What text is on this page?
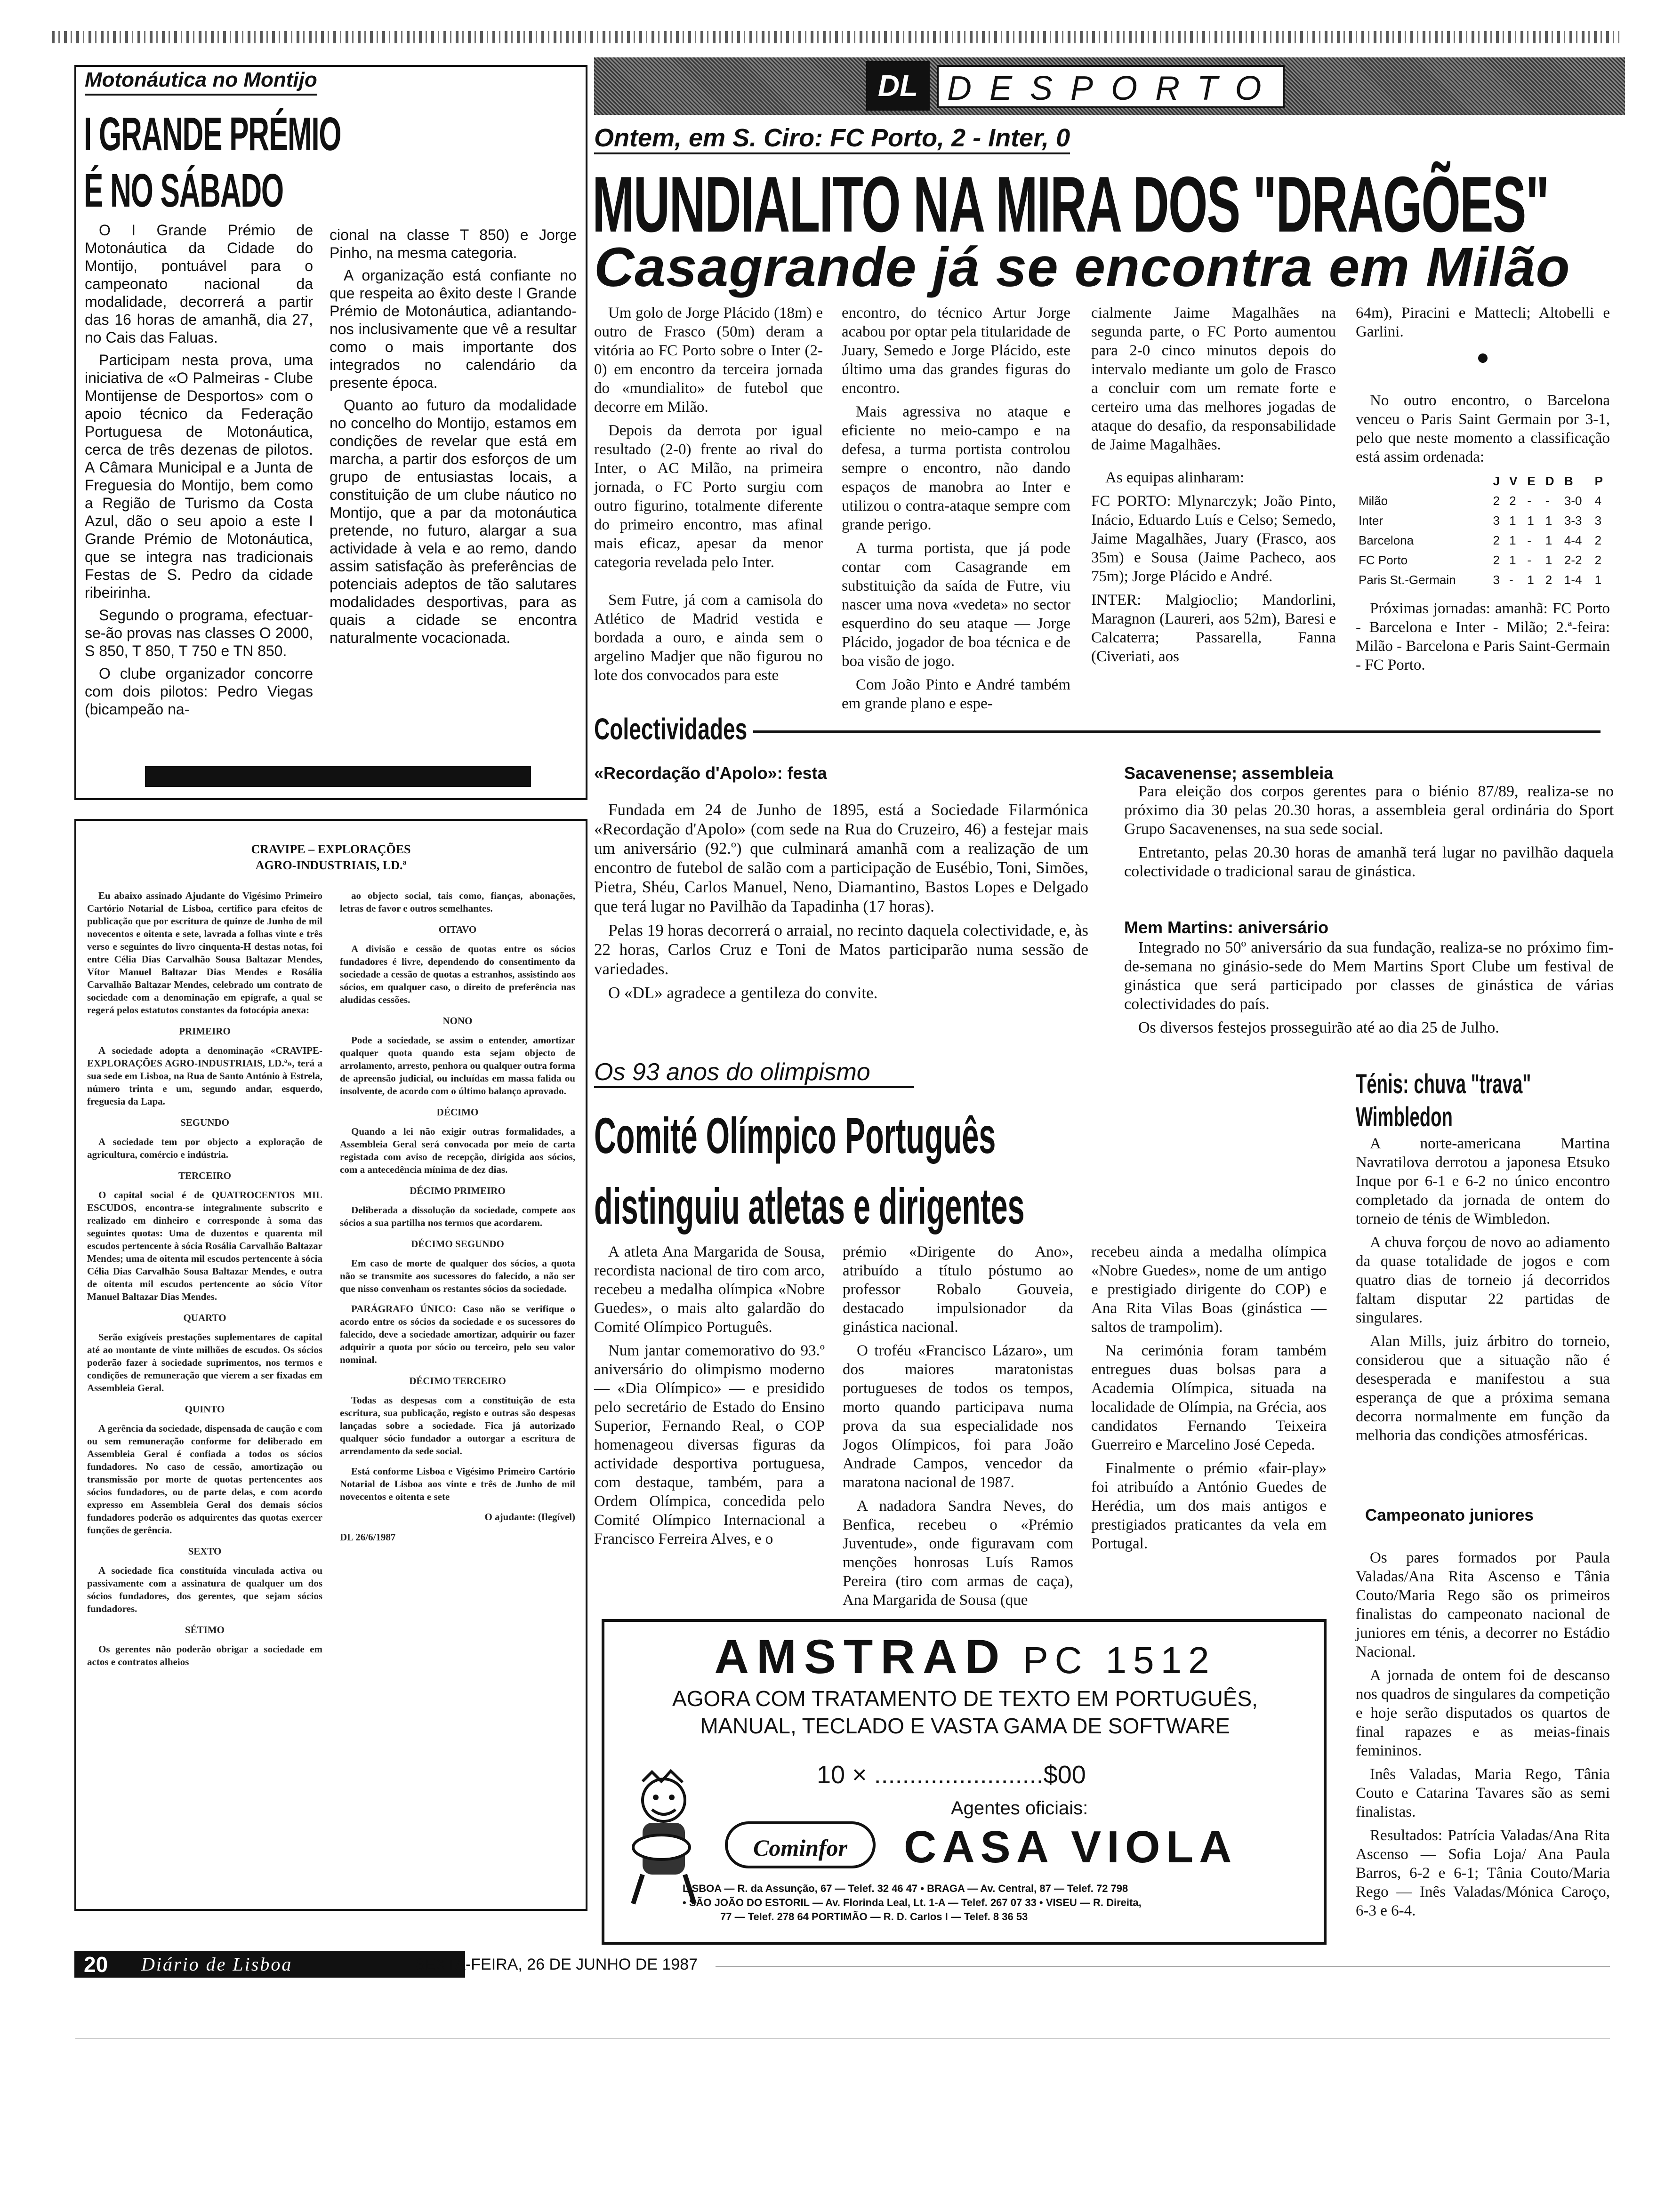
DL DESPORTO
Motonáutica no Montijo
I GRANDE PRÉMIO
É NO SÁBADO

O I Grande Prémio de Motonáutica da Cidade do Montijo, pontuável para o campeonato nacional da modalidade, decorrerá a partir das 16 horas de amanhã, dia 27, no Cais das Faluas.

Participam nesta prova, uma iniciativa de «O Palmeiras - Clube Montijense de Desportos» com o apoio técnico da Federação Portuguesa de Motonáutica, cerca de três dezenas de pilotos. A Câmara Municipal e a Junta de Freguesia do Montijo, bem como a Região de Turismo da Costa Azul, dão o seu apoio a este I Grande Prémio de Motonáutica, que se integra nas tradicionais Festas de S. Pedro da cidade ribeirinha.

Segundo o programa, efectuar-se-ão provas nas classes O 2000, S 850, T 850, T 750 e TN 850.

O clube organizador concorre com dois pilotos: Pedro Viegas (bicampeão na-

cional na classe T 850) e Jorge Pinho, na mesma categoria.

A organização está confiante no que respeita ao êxito deste I Grande Prémio de Motonáutica, adiantando-nos inclusivamente que vê a resultar como o mais importante dos integrados no calendário da presente época.

Quanto ao futuro da modalidade no concelho do Montijo, estamos em condições de revelar que está em marcha, a partir dos esforços de um grupo de entusiastas locais, a constituição de um clube náutico no Montijo, que a par da motonáutica pretende, no futuro, alargar a sua actividade à vela e ao remo, dando assim satisfação às preferências de potenciais adeptos de tão salutares modalidades desportivas, para as quais a cidade se encontra naturalmente vocacionada.

Ontem, em S. Ciro: FC Porto, 2 - Inter, 0
MUNDIALITO NA MIRA DOS "DRAGÕES"
Casagrande já se encontra em Milão

Um golo de Jorge Plácido (18m) e outro de Frasco (50m) deram a vitória ao FC Porto sobre o Inter (2-0) em encontro da terceira jornada do «mundialito» de futebol que decorre em Milão.

Depois da derrota por igual resultado (2-0) frente ao rival do Inter, o AC Milão, na primeira jornada, o FC Porto surgiu com outro figurino, totalmente diferente do primeiro encontro, mas afinal mais eficaz, apesar da menor categoria revelada pelo Inter.

Sem Futre, já com a camisola do Atlético de Madrid vestida e bordada a ouro, e ainda sem o argelino Madjer que não figurou no lote dos convocados para este

encontro, do técnico Artur Jorge acabou por optar pela titularidade de Juary, Semedo e Jorge Plácido, este último uma das grandes figuras do encontro.

Mais agressiva no ataque e eficiente no meio-campo e na defesa, a turma portista controlou sempre o encontro, não dando espaços de manobra ao Inter e utilizou o contra-ataque sempre com grande perigo.

A turma portista, que já pode contar com Casagrande em substituição da saída de Futre, viu nascer uma nova «vedeta» no sector esquerdino do seu ataque — Jorge Plácido, jogador de boa técnica e de boa visão de jogo.

Com João Pinto e André também em grande plano e espe-

cialmente Jaime Magalhães na segunda parte, o FC Porto aumentou para 2-0 cinco minutos depois do intervalo mediante um golo de Frasco a concluir com um remate forte e certeiro uma das melhores jogadas de ataque do desafio, da responsabilidade de Jaime Magalhães.

As equipas alinharam:

FC PORTO: Mlynarczyk; João Pinto, Inácio, Eduardo Luís e Celso; Semedo, Jaime Magalhães, Juary (Frasco, aos 35m) e Sousa (Jaime Pacheco, aos 75m); Jorge Plácido e André.

INTER: Malgioclio; Mandorlini, Maragnon (Laureri, aos 52m), Baresi e Calcaterra; Passarella, Fanna (Civeriati, aos

64m), Piracini e Mattecli; Altobelli e Garlini.

No outro encontro, o Barcelona venceu o Paris Saint Germain por 3-1, pelo que neste momento a classificação está assim ordenada:

	J	V	E	D	B	P
Milão	2	2	-	-	3-0	4
Inter	3	1	1	1	3-3	3
Barcelona	2	1	-	1	4-4	2
FC Porto	2	1	-	1	2-2	2
Paris St.-Germain	3	-	1	2	1-4	1

Próximas jornadas: amanhã: FC Porto - Barcelona e Inter - Milão; 2.ª-feira: Milão - Barcelona e Paris Saint-Germain - FC Porto.

Colectividades
«Recordação d'Apolo»: festa

Fundada em 24 de Junho de 1895, está a Sociedade Filarmónica «Recordação d'Apolo» (com sede na Rua do Cruzeiro, 46) a festejar mais um aniversário (92.º) que culminará amanhã com a realização de um encontro de futebol de salão com a participação de Eusébio, Toni, Simões, Pietra, Shéu, Carlos Manuel, Neno, Diamantino, Bastos Lopes e Delgado que terá lugar no Pavilhão da Tapadinha (17 horas).

Pelas 19 horas decorrerá o arraial, no recinto daquela colectividade, e, às 22 horas, Carlos Cruz e Toni de Matos participarão numa sessão de variedades.

O «DL» agradece a gentileza do convite.

Sacavenense; assembleia

Para eleição dos corpos gerentes para o biénio 87/89, realiza-se no próximo dia 30 pelas 20.30 horas, a assembleia geral ordinária do Sport Grupo Sacavenenses, na sua sede social.

Entretanto, pelas 20.30 horas de amanhã terá lugar no pavilhão daquela colectividade o tradicional sarau de ginástica.

Mem Martins: aniversário

Integrado no 50º aniversário da sua fundação, realiza-se no próximo fim-de-semana no ginásio-sede do Mem Martins Sport Clube um festival de ginástica que será participado por classes de ginástica de várias colectividades do país.

Os diversos festejos prosseguirão até ao dia 25 de Julho.

Os 93 anos do olimpismo
Comité Olímpico Português
distinguiu atletas e dirigentes

A atleta Ana Margarida de Sousa, recordista nacional de tiro com arco, recebeu a medalha olímpica «Nobre Guedes», o mais alto galardão do Comité Olímpico Português.

Num jantar comemorativo do 93.º aniversário do olimpismo moderno — «Dia Olímpico» — e presidido pelo secretário de Estado do Ensino Superior, Fernando Real, o COP homenageou diversas figuras da actividade desportiva portuguesa, com destaque, também, para a Ordem Olímpica, concedida pelo Comité Olímpico Internacional a Francisco Ferreira Alves, e o

prémio «Dirigente do Ano», atribuído a título póstumo ao professor Robalo Gouveia, destacado impulsionador da ginástica nacional.

O troféu «Francisco Lázaro», um dos maiores maratonistas portugueses de todos os tempos, morto quando participava numa prova da sua especialidade nos Jogos Olímpicos, foi para João Andrade Campos, vencedor da maratona nacional de 1987.

A nadadora Sandra Neves, do Benfica, recebeu o «Prémio Juventude», onde figuravam com menções honrosas Luís Ramos Pereira (tiro com armas de caça), Ana Margarida de Sousa (que

recebeu ainda a medalha olímpica «Nobre Guedes», nome de um antigo e prestigiado dirigente do COP) e Ana Rita Vilas Boas (ginástica — saltos de trampolim).

Na cerimónia foram também entregues duas bolsas para a Academia Olímpica, situada na localidade de Olímpia, na Grécia, aos candidatos Fernando Teixeira Guerreiro e Marcelino José Cepeda.

Finalmente o prémio «fair-play» foi atribuído a António Guedes de Herédia, um dos mais antigos e prestigiados praticantes da vela em Portugal.

Ténis: chuva "trava"
Wimbledon

A norte-americana Martina Navratilova derrotou a japonesa Etsuko Inque por 6-1 e 6-2 no único encontro completado da jornada de ontem do torneio de ténis de Wimbledon.

A chuva forçou de novo ao adiamento da quase totalidade de jogos e com quatro dias de torneio já decorridos faltam disputar 22 partidas de singulares.

Alan Mills, juiz árbitro do torneio, considerou que a situação não é desesperada e manifestou a sua esperança de que a próxima semana decorra normalmente em função da melhoria das condições atmosféricas.

Campeonato juniores

Os pares formados por Paula Valadas/Ana Rita Ascenso e Tânia Couto/Maria Rego são os primeiros finalistas do campeonato nacional de juniores em ténis, a decorrer no Estádio Nacional.

A jornada de ontem foi de descanso nos quadros de singulares da competição e hoje serão disputados os quartos de final rapazes e as meias-finais femininos.

Inês Valadas, Maria Rego, Tânia Couto e Catarina Tavares são as semi finalistas.

Resultados: Patrícia Valadas/Ana Rita Ascenso — Sofia Loja/ Ana Paula Barros, 6-2 e 6-1; Tânia Couto/Maria Rego — Inês Valadas/Mónica Caroço, 6-3 e 6-4.

CRAVIPE – EXPLORAÇÕES
AGRO-INDUSTRIAIS, LD.ª

Eu abaixo assinado Ajudante do Vigésimo Primeiro Cartório Notarial de Lisboa, certifico para efeitos de publicação que por escritura de quinze de Junho de mil novecentos e oitenta e sete, lavrada a folhas vinte e três verso e seguintes do livro cinquenta-H destas notas, foi entre Célia Dias Carvalhão Sousa Baltazar Mendes, Vítor Manuel Baltazar Dias Mendes e Rosália Carvalhão Baltazar Mendes, celebrado um contrato de sociedade com a denominação em epígrafe, a qual se regerá pelos estatutos constantes da fotocópia anexa:

PRIMEIRO

A sociedade adopta a denominação «CRAVIPE-EXPLORAÇÕES AGRO-INDUSTRIAIS, LD.ª», terá a sua sede em Lisboa, na Rua de Santo António à Estrela, número trinta e um, segundo andar, esquerdo, freguesia da Lapa.

SEGUNDO

A sociedade tem por objecto a exploração de agricultura, comércio e indústria.

TERCEIRO

O capital social é de QUATROCENTOS MIL ESCUDOS, encontra-se integralmente subscrito e realizado em dinheiro e corresponde à soma das seguintes quotas: Uma de duzentos e quarenta mil escudos pertencente à sócia Rosália Carvalhão Baltazar Mendes; uma de oitenta mil escudos pertencente à sócia Célia Dias Carvalhão Sousa Baltazar Mendes, e outra de oitenta mil escudos pertencente ao sócio Vítor Manuel Baltazar Dias Mendes.

QUARTO

Serão exigíveis prestações suplementares de capital até ao montante de vinte milhões de escudos. Os sócios poderão fazer à sociedade suprimentos, nos termos e condições de remuneração que vierem a ser fixadas em Assembleia Geral.

QUINTO

A gerência da sociedade, dispensada de caução e com ou sem remuneração conforme for deliberado em Assembleia Geral é confiada a todos os sócios fundadores. No caso de cessão, amortização ou transmissão por morte de quotas pertencentes aos sócios fundadores, ou de parte delas, e com acordo expresso em Assembleia Geral dos demais sócios fundadores poderão os adquirentes das quotas exercer funções de gerência.

SEXTO

A sociedade fica constituída vinculada activa ou passivamente com a assinatura de qualquer um dos sócios fundadores, dos gerentes, que sejam sócios fundadores.

SÉTIMO

Os gerentes não poderão obrigar a sociedade em actos e contratos alheios

ao objecto social, tais como, fianças, abonações, letras de favor e outros semelhantes.

OITAVO

A divisão e cessão de quotas entre os sócios fundadores é livre, dependendo do consentimento da sociedade a cessão de quotas a estranhos, assistindo aos sócios, em qualquer caso, o direito de preferência nas aludidas cessões.

NONO

Pode a sociedade, se assim o entender, amortizar qualquer quota quando esta sejam objecto de arrolamento, arresto, penhora ou qualquer outra forma de apreensão judicial, ou incluídas em massa falida ou insolvente, de acordo com o último balanço aprovado.

DÉCIMO

Quando a lei não exigir outras formalidades, a Assembleia Geral será convocada por meio de carta registada com aviso de recepção, dirigida aos sócios, com a antecedência mínima de dez dias.

DÉCIMO PRIMEIRO

Deliberada a dissolução da sociedade, compete aos sócios a sua partilha nos termos que acordarem.

DÉCIMO SEGUNDO

Em caso de morte de qualquer dos sócios, a quota não se transmite aos sucessores do falecido, a não ser que nisso convenham os restantes sócios da sociedade.

PARÁGRAFO ÚNICO: Caso não se verifique o acordo entre os sócios da sociedade e os sucessores do falecido, deve a sociedade amortizar, adquirir ou fazer adquirir a quota por sócio ou terceiro, pelo seu valor nominal.

DÉCIMO TERCEIRO

Todas as despesas com a constituição de esta escritura, sua publicação, registo e outras são despesas lançadas sobre a sociedade. Fica já autorizado qualquer sócio fundador a outorgar a escritura de arrendamento da sede social.

Está conforme Lisboa e Vigésimo Primeiro Cartório Notarial de Lisboa aos vinte e três de Junho de mil novecentos e oitenta e sete

O ajudante: (Ilegível)

DL 26/6/1987

AMSTRAD PC 1512
AGORA COM TRATAMENTO DE TEXTO EM PORTUGUÊS,
MANUAL, TECLADO E VASTA GAMA DE SOFTWARE
10 × ........................$00
Agentes oficiais:
Cominfor	CASA VIOLA
LISBOA — R. da Assunção, 67 — Telef. 32 46 47 • BRAGA — Av. Central, 87 — Telef. 72 798
• SÃO JOÃO DO ESTORIL — Av. Florinda Leal, Lt. 1-A — Telef. 267 07 33 • VISEU — R. Direita,
77 — Telef. 278 64 PORTIMÃO — R. D. Carlos I — Telef. 8 36 53
20 Diário de Lisboa	SEXTA-FEIRA, 26 DE JUNHO DE 1987
